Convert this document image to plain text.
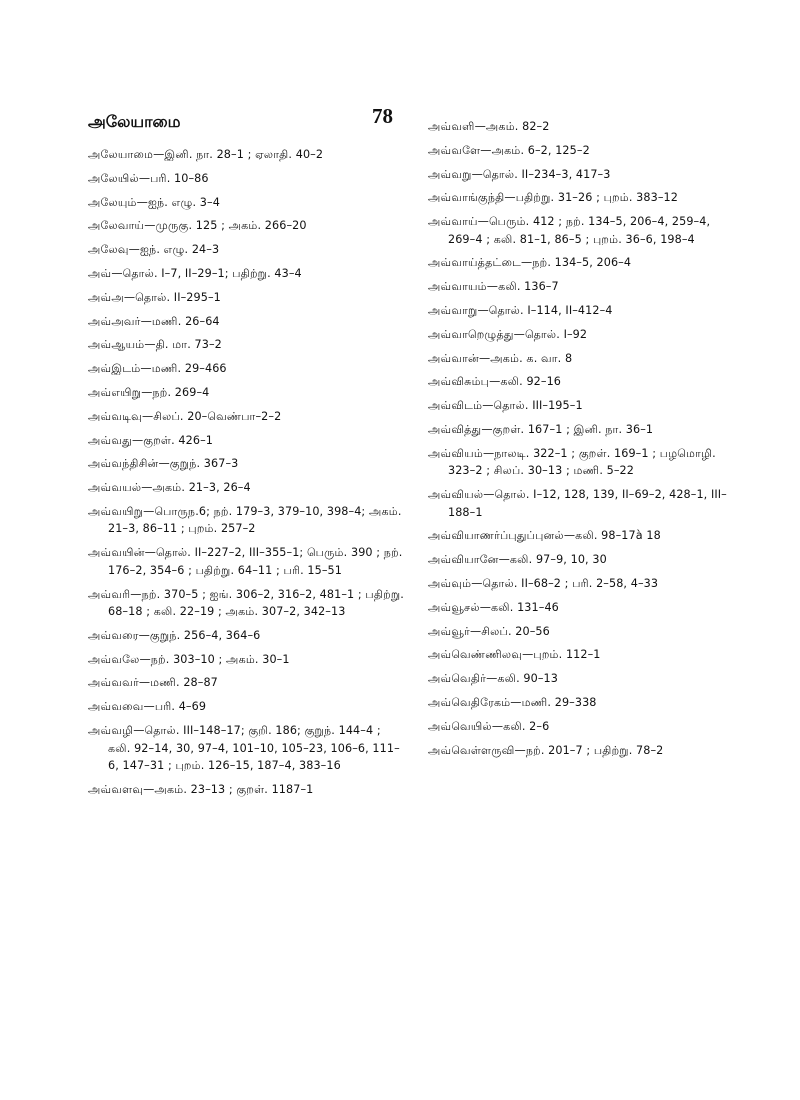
அலேயாமை	78
அலேயாமை—இனி. நா. 28–1 ; ஏலாதி. 40–2
அலேயில்—பரி. 10–86
அலேயும்—ஐந். எழு. 3–4
அலேவாய்—முருகு. 125 ; அகம். 266–20
அலேவு—ஐந். எழு. 24–3
அவ்—தொல். I–7, II–29–1; பதிற்று. 43–4
அவ்அ—தொல். II–295–1
அவ்அவர்—மணி. 26–64
அவ்ஆயம்—தி. மா. 73–2
அவ்இடம்—மணி. 29–466
அவ்எயிறு—நற். 269–4
அவ்வடிவு—சிலப். 20–வெண்பா–2–2
அவ்வது—குறள். 426–1
அவ்வந்திசின்—குறுந். 367–3
அவ்வயல்—அகம். 21–3, 26–4
அவ்வயிறு—பொருந.6; நற். 179–3, 379–10, 398–4; அகம். 21–3, 86–11 ; புறம். 257–2
அவ்வயின்—தொல். II–227–2, III–355–1; பெரும். 390 ; நற். 176–2, 354–6 ; பதிற்று. 64–11 ; பரி. 15–51
அவ்வரி—நற். 370–5 ; ஐங். 306–2, 316–2, 481–1 ; பதிற்று. 68–18 ; கலி. 22–19 ; அகம். 307–2, 342–13
அவ்வரை—குறுந். 256–4, 364–6
அவ்வலே—நற். 303–10 ; அகம். 30–1
அவ்வவர்—மணி. 28–87
அவ்வவை—பரி. 4–69
அவ்வழி—தொல். III–148–17; குறி. 186; குறுந். 144–4 ; கலி. 92–14, 30, 97–4, 101–10, 105–23, 106–6, 111–6, 147–31 ; புறம். 126–15, 187–4, 383–16
அவ்வளவு—அகம். 23–13 ; குறள். 1187–1
அவ்வளி—அகம். 82–2
அவ்வளே—அகம். 6–2, 125–2
அவ்வறு—தொல். II–234–3, 417–3
அவ்வாங்குந்தி—பதிற்று. 31–26 ; புறம். 383–12
அவ்வாய்—பெரும். 412 ; நற். 134–5, 206–4, 259–4, 269–4 ; கலி. 81–1, 86–5 ; புறம். 36–6, 198–4
அவ்வாய்த்தட்டை—நற். 134–5, 206–4
அவ்வாயம்—கலி. 136–7
அவ்வாறு—தொல். I–114, II–412–4
அவ்வாறெழுத்து—தொல். I–92
அவ்வான்—அகம். க. வா. 8
அவ்விசும்பு—கலி. 92–16
அவ்விடம்—தொல். III–195–1
அவ்வித்து—குறள். 167–1 ; இனி. நா. 36–1
அவ்வியம்—நாலடி. 322–1 ; குறள். 169–1 ; பழமொழி. 323–2 ; சிலப். 30–13 ; மணி. 5–22
அவ்வியல்—தொல். I–12, 128, 139, II–69–2, 428–1, III–188–1
அவ்வியாணர்ப்புதுப்புனல்—கலி. 98–17à 18
அவ்வியானே—கலி. 97–9, 10, 30
அவ்வும்—தொல். II–68–2 ; பரி. 2–58, 4–33
அவ்வூசல்—கலி. 131–46
அவ்வூர்—சிலப். 20–56
அவ்வெண்ணிலவு—புறம். 112–1
அவ்வெதிர்—கலி. 90–13
அவ்வெதிரேகம்—மணி. 29–338
அவ்வெயில்—கலி. 2–6
அவ்வெள்ளருவி—நற். 201–7 ; பதிற்று. 78–2
